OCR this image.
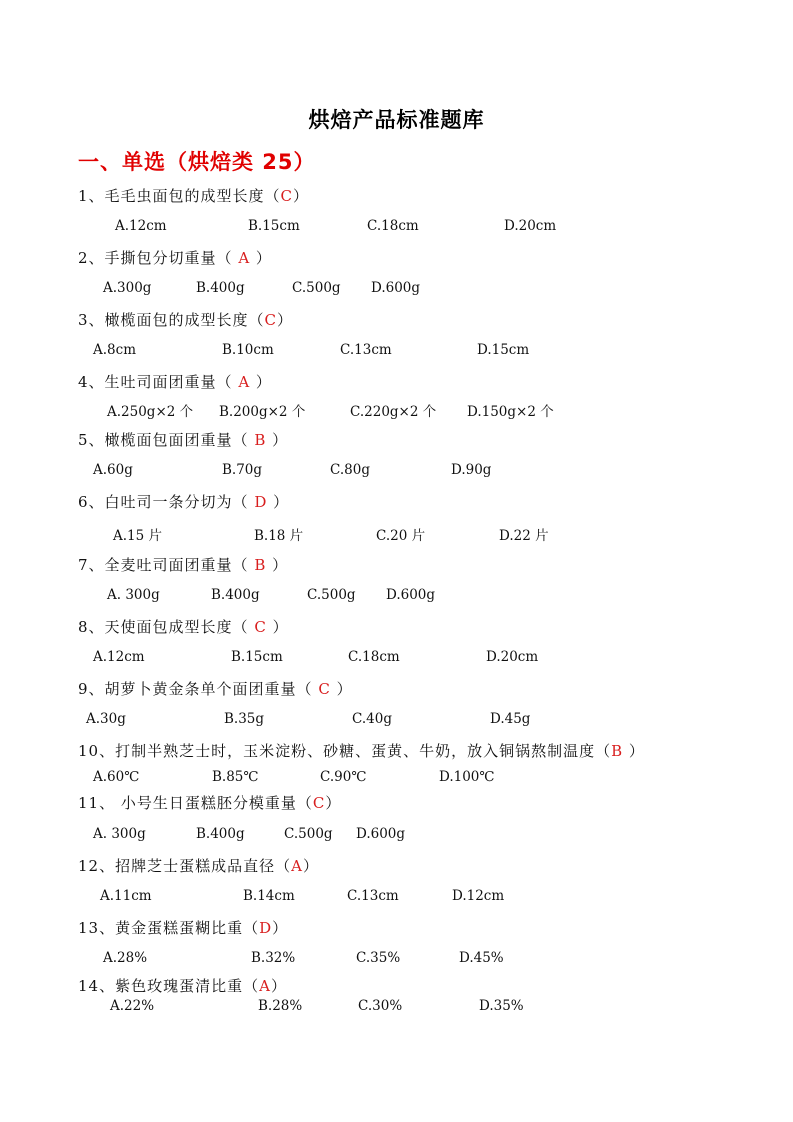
烘焙产品标准题库
一、单选（烘焙类 25）
1、毛毛虫面包的成型长度（C）
A.12cm	B.15cm	C.18cm	D.20cm
2、手撕包分切重量（ A ）
A.300g	B.400g	C.500g D.600g
3、橄榄面包的成型长度（C）
A.8cm	B.10cm	C.13cm	D.15cm
4、生吐司面团重量（ A ）
A.250g×2 个 B.200g×2 个	C.220g×2 个 D.150g×2 个
5、橄榄面包面团重量（ B ）
A.60g	B.70g	C.80g	D.90g
6、白吐司一条分切为（ D ）
A.15 片	B.18 片	C.20 片	D.22 片
7、全麦吐司面团重量（ B ）
A. 300g	B.400g	C.500g D.600g
8、天使面包成型长度（ C ）
A.12cm	B.15cm	C.18cm	D.20cm
9、胡萝卜黄金条单个面团重量（ C ）
A.30g	B.35g	C.40g	D.45g
10、打制半熟芝士时，玉米淀粉、砂糖、蛋黄、牛奶，放入铜锅熬制温度（B ）
A.60℃	B.85℃	C.90℃	D.100℃
11、 小号生日蛋糕胚分模重量（C）
A. 300g	B.400g	C.500g D.600g
12、招牌芝士蛋糕成品直径（A）
A.11cm	B.14cm	C.13cm	D.12cm
13、黄金蛋糕蛋糊比重（D）
A.28%	B.32%	C.35%	D.45%
14、紫色玫瑰蛋清比重（A）
A.22%	B.28%	C.30%	D.35%
